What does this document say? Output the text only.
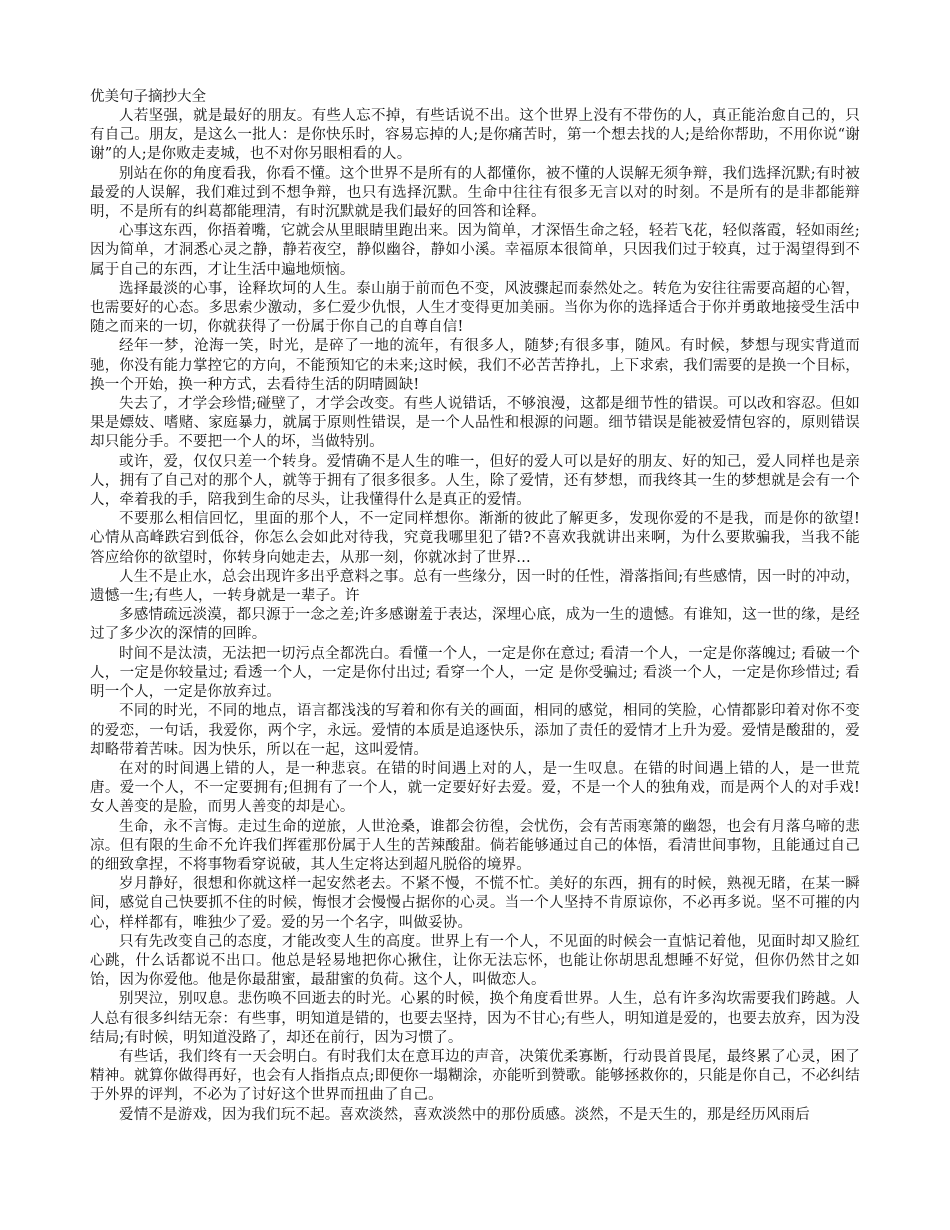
优美句子摘抄大全

人若坚强，就是最好的朋友。有些人忘不掉，有些话说不出。这个世界上没有不带伤的人，真正能治愈自己的，只有自己。朋友，是这么一批人：是你快乐时，容易忘掉的人;是你痛苦时，第一个想去找的人;是给你帮助，不用你说“谢谢”的人;是你败走麦城，也不对你另眼相看的人。

别站在你的角度看我，你看不懂。这个世界不是所有的人都懂你，被不懂的人误解无须争辩，我们选择沉默;有时被最爱的人误解，我们难过到不想争辩，也只有选择沉默。生命中往往有很多无言以对的时刻。不是所有的是非都能辩明，不是所有的纠葛都能理清，有时沉默就是我们最好的回答和诠释。

心事这东西，你捂着嘴，它就会从里眼睛里跑出来。因为简单，才深悟生命之轻，轻若飞花，轻似落霞，轻如雨丝;因为简单，才洞悉心灵之静，静若夜空，静似幽谷，静如小溪。幸福原本很简单，只因我们过于较真，过于渴望得到不属于自己的东西，才让生活中遍地烦恼。

选择最淡的心事，诠释坎坷的人生。泰山崩于前而色不变，风波骤起而泰然处之。转危为安往往需要高超的心智，也需要好的心态。多思索少激动，多仁爱少仇恨，人生才变得更加美丽。当你为你的选择适合于你并勇敢地接受生活中随之而来的一切，你就获得了一份属于你自己的自尊自信!

经年一梦，沧海一笑，时光，是碎了一地的流年，有很多人，随梦;有很多事，随风。有时候，梦想与现实背道而驰，你没有能力掌控它的方向，不能预知它的未来;这时候，我们不必苦苦挣扎，上下求索，我们需要的是换一个目标，换一个开始，换一种方式，去看待生活的阴晴圆缺!

失去了，才学会珍惜;碰壁了，才学会改变。有些人说错话，不够浪漫，这都是细节性的错误。可以改和容忍。但如果是嫖妓、嗜赌、家庭暴力，就属于原则性错误，是一个人品性和根源的问题。细节错误是能被爱情包容的，原则错误却只能分手。不要把一个人的坏，当做特别。

或许，爱，仅仅只差一个转身。爱情确不是人生的唯一，但好的爱人可以是好的朋友、好的知己，爱人同样也是亲人，拥有了自己对的那个人，就等于拥有了很多很多。人生，除了爱情，还有梦想，而我终其一生的梦想就是会有一个人，牵着我的手，陪我到生命的尽头，让我懂得什么是真正的爱情。

不要那么相信回忆，里面的那个人，不一定同样想你。渐渐的彼此了解更多，发现你爱的不是我，而是你的欲望!心情从高峰跌宕到低谷，你怎么会如此对待我，究竟我哪里犯了错?不喜欢我就讲出来啊，为什么要欺骗我，当我不能答应给你的欲望时，你转身向她走去，从那一刻，你就冰封了世界…

人生不是止水，总会出现许多出乎意料之事。总有一些缘分，因一时的任性，滑落指间;有些感情，因一时的冲动，遗憾一生;有些人，一转身就是一辈子。许

多感情疏远淡漠，都只源于一念之差;许多感谢羞于表达，深埋心底，成为一生的遗憾。有谁知，这一世的缘，是经过了多少次的深情的回眸。

时间不是汰渍，无法把一切污点全都洗白。看懂一个人，一定是你在意过; 看清一个人，一定是你落魄过; 看破一个人，一定是你较量过; 看透一个人，一定是你付出过; 看穿一个人，一定 是你受骗过; 看淡一个人，一定是你珍惜过; 看明一个人，一定是你放弃过。

不同的时光，不同的地点，语言都浅浅的写着和你有关的画面，相同的感觉，相同的笑脸，心情都影印着对你不变的爱恋，一句话，我爱你，两个字，永远。爱情的本质是追逐快乐，添加了责任的爱情才上升为爱。爱情是酸甜的，爱却略带着苦味。因为快乐，所以在一起，这叫爱情。

在对的时间遇上错的人，是一种悲哀。在错的时间遇上对的人，是一生叹息。在错的时间遇上错的人，是一世荒唐。爱一个人，不一定要拥有;但拥有了一个人，就一定要好好去爱。爱，不是一个人的独角戏，而是两个人的对手戏!女人善变的是脸，而男人善变的却是心。

生命，永不言悔。走过生命的逆旅，人世沧桑，谁都会彷徨，会忧伤，会有苦雨寒箫的幽怨，也会有月落乌啼的悲凉。但有限的生命不允许我们挥霍那份属于人生的苦辣酸甜。倘若能够通过自己的体悟，看清世间事物，且能通过自己的细致拿捏，不将事物看穿说破，其人生定将达到超凡脱俗的境界。

岁月静好，很想和你就这样一起安然老去。不紧不慢，不慌不忙。美好的东西，拥有的时候，熟视无睹，在某一瞬间，感觉自己快要抓不住的时候，悔恨才会慢慢占据你的心灵。当一个人坚持不肯原谅你，不必再多说。坚不可摧的内心，样样都有，唯独少了爱。爱的另一个名字，叫做妥协。

只有先改变自己的态度，才能改变人生的高度。世界上有一个人，不见面的时候会一直惦记着他，见面时却又脸红心跳，什么话都说不出口。他总是轻易地把你心揪住，让你无法忘怀，也能让你胡思乱想睡不好觉，但你仍然甘之如饴，因为你爱他。他是你最甜蜜，最甜蜜的负荷。这个人，叫做恋人。

别哭泣，别叹息。悲伤唤不回逝去的时光。心累的时候，换个角度看世界。人生，总有许多沟坎需要我们跨越。人人总有很多纠结无奈：有些事，明知道是错的，也要去坚持，因为不甘心;有些人，明知道是爱的，也要去放弃，因为没结局;有时候，明知道没路了，却还在前行，因为习惯了。

有些话，我们终有一天会明白。有时我们太在意耳边的声音，决策优柔寡断，行动畏首畏尾，最终累了心灵，困了精神。就算你做得再好，也会有人指指点点;即便你一塌糊涂，亦能听到赞歌。能够拯救你的，只能是你自己，不必纠结于外界的评判，不必为了讨好这个世界而扭曲了自己。

爱情不是游戏，因为我们玩不起。喜欢淡然，喜欢淡然中的那份质感。淡然，不是天生的，那是经历风雨后
